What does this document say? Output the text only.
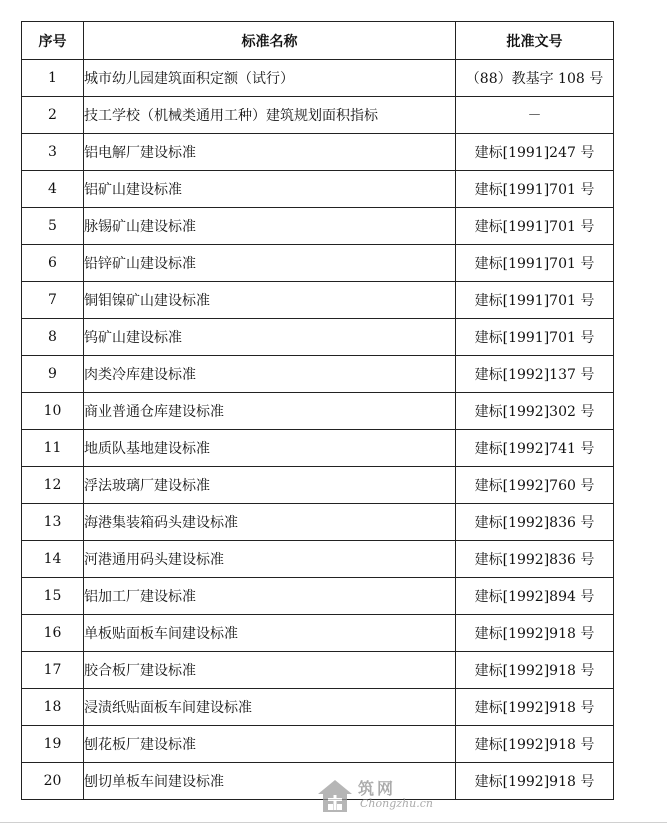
序号	标准名称	批准文号
1	城市幼儿园建筑面积定额（试行）	（88）教基字 108 号
2	技工学校（机械类通用工种）建筑规划面积指标	－
3	铝电解厂建设标准	建标[1991]247 号
4	铝矿山建设标准	建标[1991]701 号
5	脉锡矿山建设标准	建标[1991]701 号
6	铅锌矿山建设标准	建标[1991]701 号
7	铜钼镍矿山建设标准	建标[1991]701 号
8	钨矿山建设标准	建标[1991]701 号
9	肉类冷库建设标准	建标[1992]137 号
10	商业普通仓库建设标准	建标[1992]302 号
11	地质队基地建设标准	建标[1992]741 号
12	浮法玻璃厂建设标准	建标[1992]760 号
13	海港集装箱码头建设标准	建标[1992]836 号
14	河港通用码头建设标准	建标[1992]836 号
15	铝加工厂建设标准	建标[1992]894 号
16	单板贴面板车间建设标准	建标[1992]918 号
17	胶合板厂建设标准	建标[1992]918 号
18	浸渍纸贴面板车间建设标准	建标[1992]918 号
19	刨花板厂建设标准	建标[1992]918 号
20	刨切单板车间建设标准	建标[1992]918 号
筑网
Chongzhu.cn
